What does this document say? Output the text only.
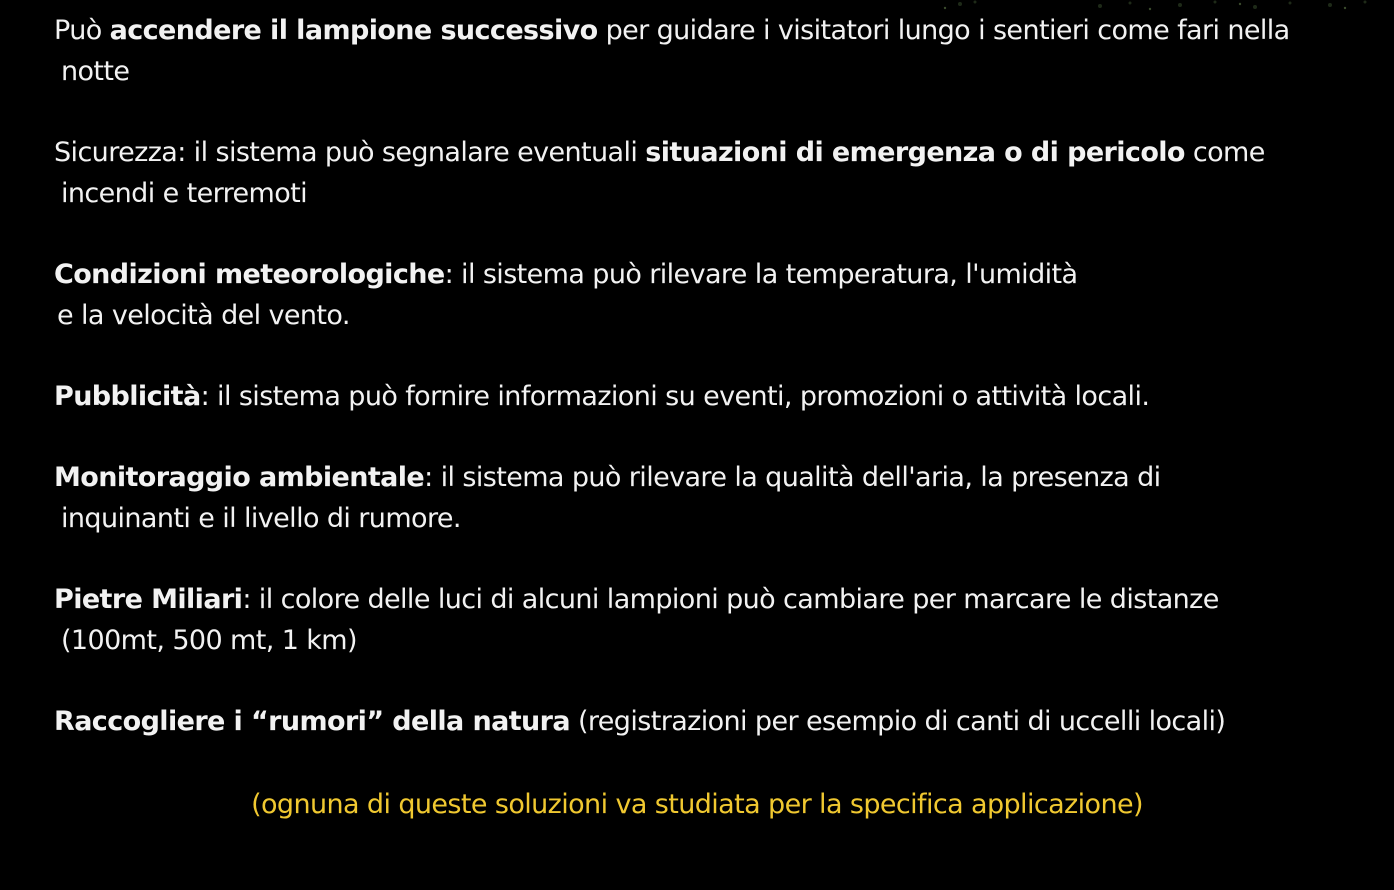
Può accendere il lampione successivo per guidare i visitatori lungo i sentieri come fari nella
notte

Sicurezza: il sistema può segnalare eventuali situazioni di emergenza o di pericolo come
incendi e terremoti

Condizioni meteorologiche: il sistema può rilevare la temperatura, l'umidità
e la velocità del vento.

Pubblicità: il sistema può fornire informazioni su eventi, promozioni o attività locali.

Monitoraggio ambientale: il sistema può rilevare la qualità dell'aria, la presenza di
inquinanti e il livello di rumore.

Pietre Miliari: il colore delle luci di alcuni lampioni può cambiare per marcare le distanze
(100mt, 500 mt, 1 km)

Raccogliere i “rumori” della natura (registrazioni per esempio di canti di uccelli locali)

(ognuna di queste soluzioni va studiata per la specifica applicazione)
